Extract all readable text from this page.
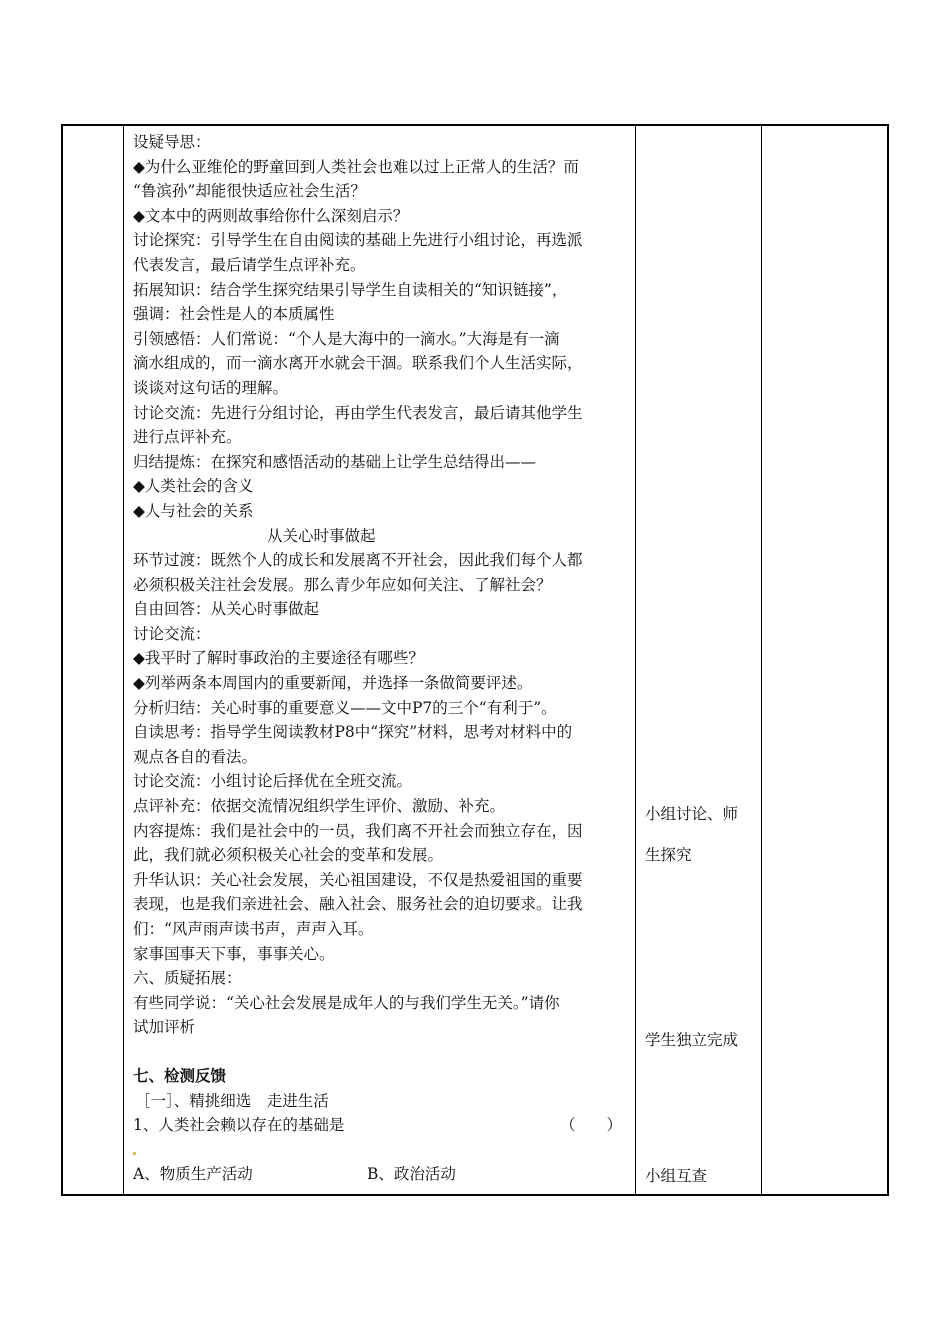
设疑导思：
◆为什么亚维伦的野童回到人类社会也难以过上正常人的生活？而
“鲁滨孙”却能很快适应社会生活？
◆文本中的两则故事给你什么深刻启示？
讨论探究：引导学生在自由阅读的基础上先进行小组讨论，再选派
代表发言，最后请学生点评补充。
拓展知识：结合学生探究结果引导学生自读相关的“知识链接”，
强调：社会性是人的本质属性
引领感悟：人们常说：“个人是大海中的一滴水。”大海是有一滴
滴水组成的，而一滴水离开水就会干涸。联系我们个人生活实际，
谈谈对这句话的理解。
讨论交流：先进行分组讨论，再由学生代表发言，最后请其他学生
进行点评补充。
归结提炼：在探究和感悟活动的基础上让学生总结得出——
◆人类社会的含义
◆人与社会的关系
从关心时事做起
环节过渡：既然个人的成长和发展离不开社会，因此我们每个人都
必须积极关注社会发展。那么青少年应如何关注、了解社会？
自由回答：从关心时事做起
讨论交流：
◆我平时了解时事政治的主要途径有哪些？
◆列举两条本周国内的重要新闻，并选择一条做简要评述。
分析归结：关心时事的重要意义——文中P7的三个“有利于”。
自读思考：指导学生阅读教材P8中“探究”材料，思考对材料中的
观点各自的看法。
讨论交流：小组讨论后择优在全班交流。
点评补充：依据交流情况组织学生评价、激励、补充。
内容提炼：我们是社会中的一员，我们离不开社会而独立存在，因
此，我们就必须积极关心社会的变革和发展。
升华认识：关心社会发展，关心祖国建设，不仅是热爱祖国的重要
表现，也是我们亲进社会、融入社会、服务社会的迫切要求。让我
们：“风声雨声读书声，声声入耳。
家事国事天下事，事事关心。
六、质疑拓展：
有些同学说：“关心社会发展是成年人的与我们学生无关。”请你
试加评析
七、检测反馈
［一］、精挑细选　走进生活
1、人类社会赖以存在的基础是	（　　）
A、物质生产活动	B、政治活动
小组讨论、师
生探究
学生独立完成
小组互查
